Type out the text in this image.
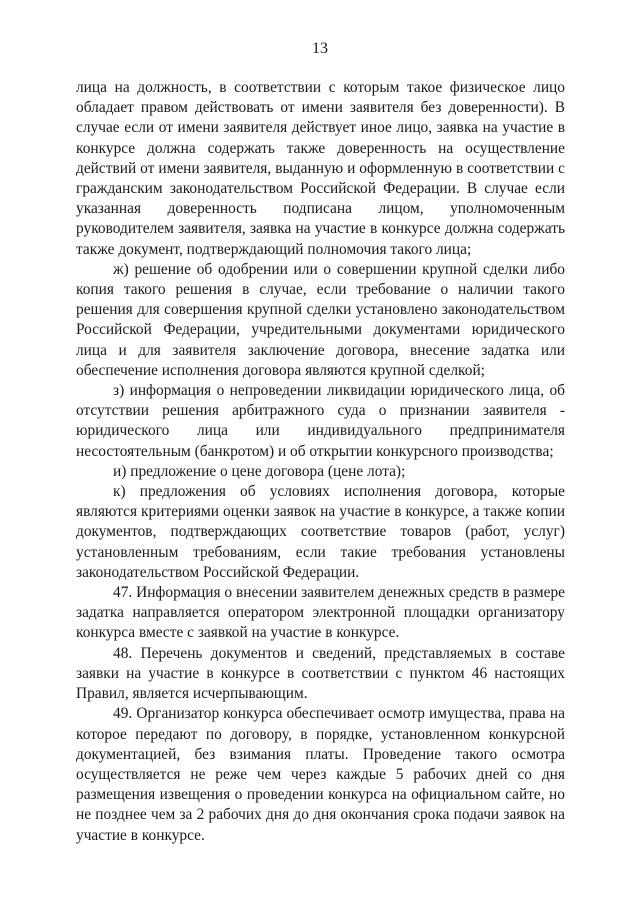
13

лица на должность, в соответствии с которым такое физическое лицо обладает правом действовать от имени заявителя без доверенности). В случае если от имени заявителя действует иное лицо, заявка на участие в конкурсе должна содержать также доверенность на осуществление действий от имени заявителя, выданную и оформленную в соответствии с гражданским законодательством Российской Федерации. В случае если указанная доверенность подписана лицом, уполномоченным руководителем заявителя, заявка на участие в конкурсе должна содержать также документ, подтверждающий полномочия такого лица;

ж) решение об одобрении или о совершении крупной сделки либо копия такого решения в случае, если требование о наличии такого решения для совершения крупной сделки установлено законодательством Российской Федерации, учредительными документами юридического лица и для заявителя заключение договора, внесение задатка или обеспечение исполнения договора являются крупной сделкой;

з) информация о непроведении ликвидации юридического лица, об отсутствии решения арбитражного суда о признании заявителя - юридического лица или индивидуального предпринимателя несостоятельным (банкротом) и об открытии конкурсного производства;

и) предложение о цене договора (цене лота);

к) предложения об условиях исполнения договора, которые являются критериями оценки заявок на участие в конкурсе, а также копии документов, подтверждающих соответствие товаров (работ, услуг) установленным требованиям, если такие требования установлены законодательством Российской Федерации.

47. Информация о внесении заявителем денежных средств в размере задатка направляется оператором электронной площадки организатору конкурса вместе с заявкой на участие в конкурсе.

48. Перечень документов и сведений, представляемых в составе заявки на участие в конкурсе в соответствии с пунктом 46 настоящих Правил, является исчерпывающим.

49. Организатор конкурса обеспечивает осмотр имущества, права на которое передают по договору, в порядке, установленном конкурсной документацией, без взимания платы. Проведение такого осмотра осуществляется не реже чем через каждые 5 рабочих дней со дня размещения извещения о проведении конкурса на официальном сайте, но не позднее чем за 2 рабочих дня до дня окончания срока подачи заявок на участие в конкурсе.
